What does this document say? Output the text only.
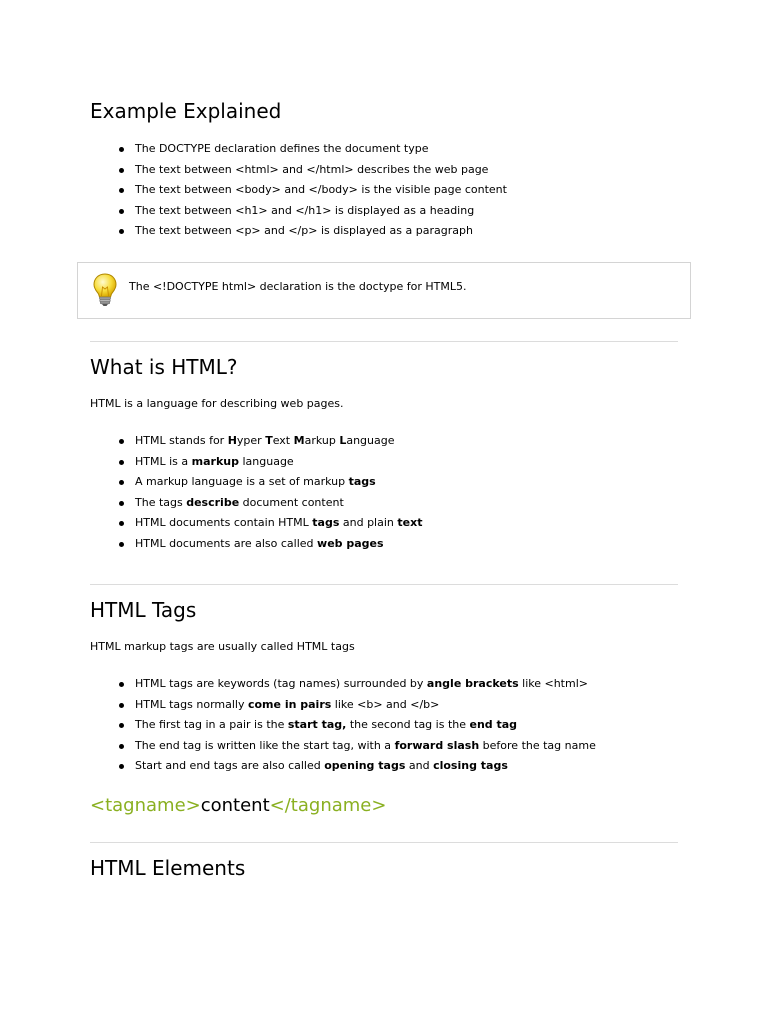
Example Explained
The DOCTYPE declaration defines the document type
The text between <html> and </html> describes the web page
The text between <body> and </body> is the visible page content
The text between <h1> and </h1> is displayed as a heading
The text between <p> and </p> is displayed as a paragraph
The <!DOCTYPE html> declaration is the doctype for HTML5.
What is HTML?

HTML is a language for describing web pages.

HTML stands for Hyper Text Markup Language
HTML is a markup language
A markup language is a set of markup tags
The tags describe document content
HTML documents contain HTML tags and plain text
HTML documents are also called web pages
HTML Tags

HTML markup tags are usually called HTML tags

HTML tags are keywords (tag names) surrounded by angle brackets like <html>
HTML tags normally come in pairs like <b> and </b>
The first tag in a pair is the start tag, the second tag is the end tag
The end tag is written like the start tag, with a forward slash before the tag name
Start and end tags are also called opening tags and closing tags
<tagname>content</tagname>
HTML Elements
